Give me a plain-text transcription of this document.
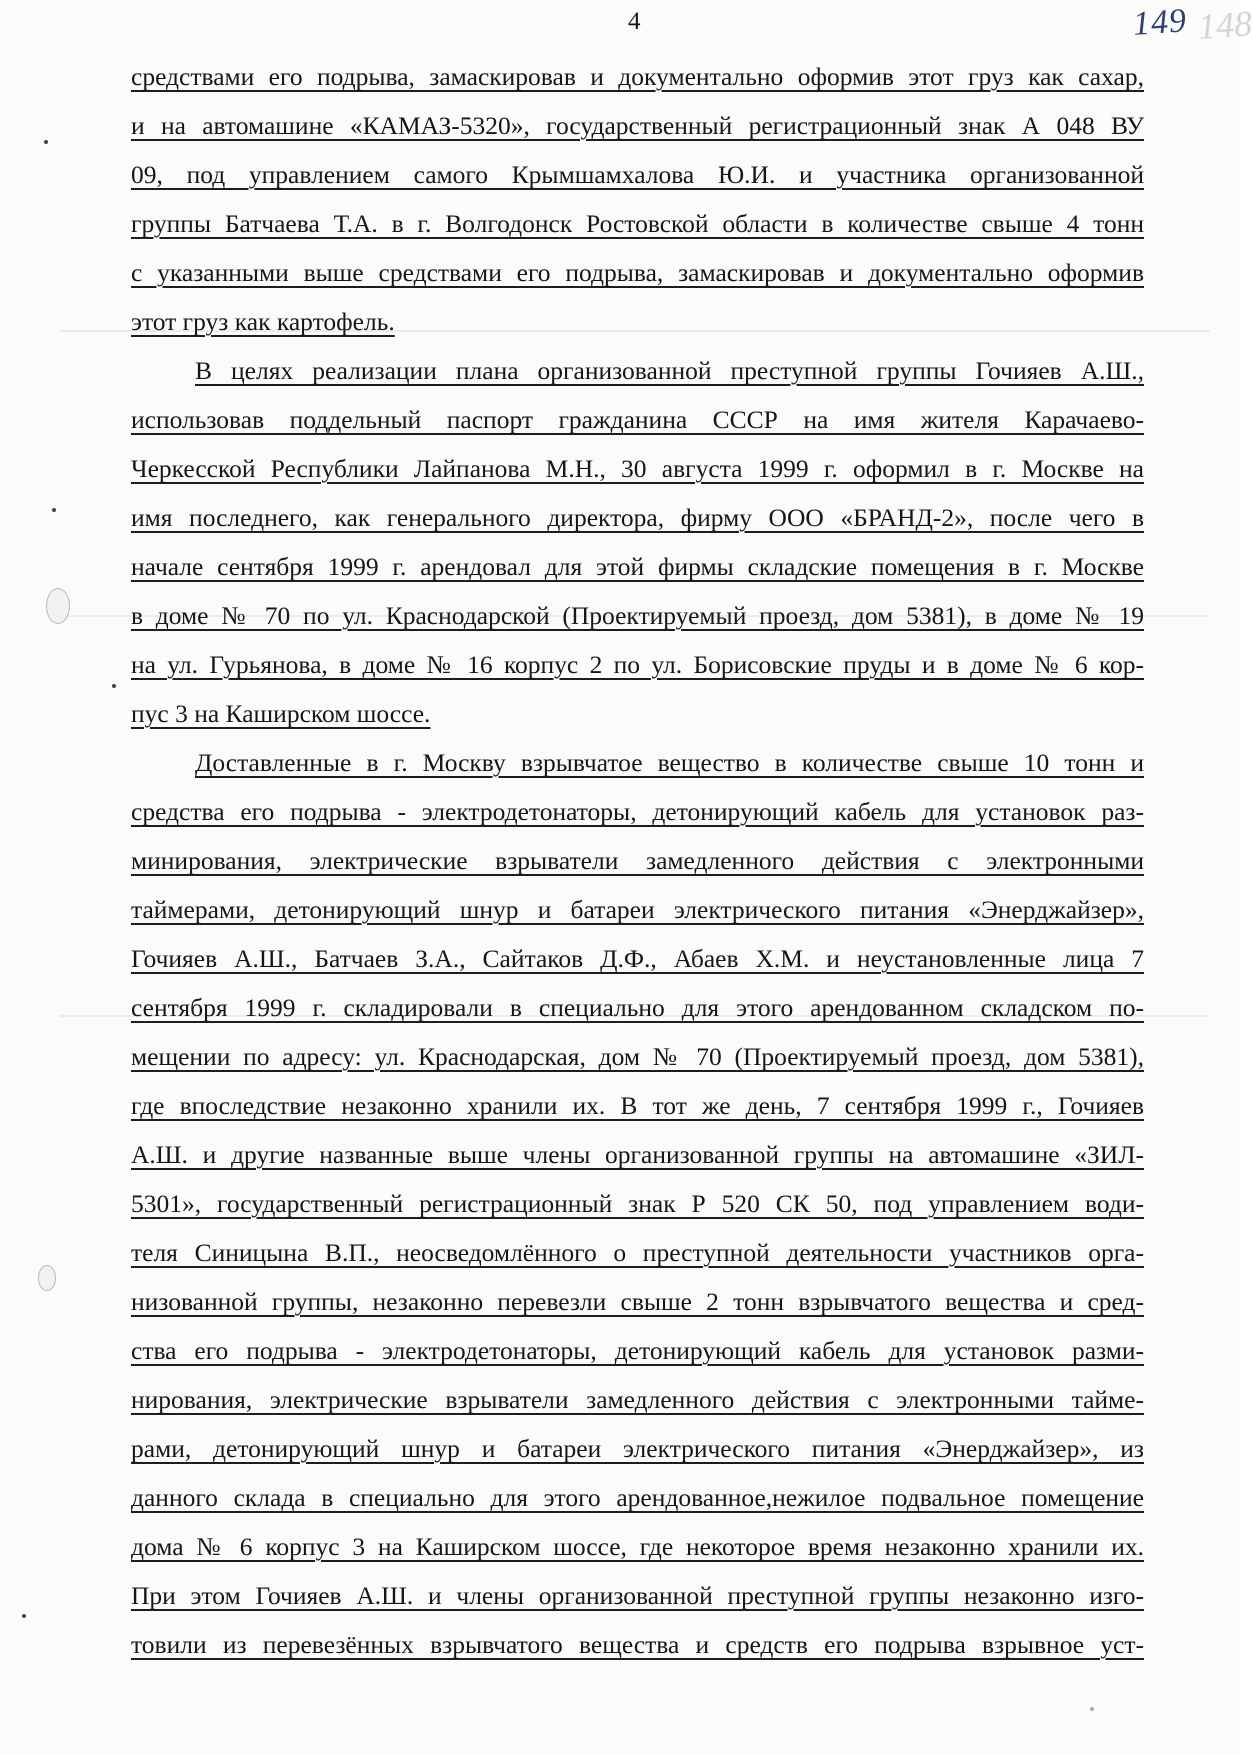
4	149 148
средствами его подрыва, замаскировав и документально оформив этот груз как сахар,
и на автомашине «КАМАЗ-5320», государственный регистрационный знак А 048 ВУ
09, под управлением самого Крымшамхалова Ю.И. и участника организованной
группы Батчаева Т.А. в г. Волгодонск Ростовской области в количестве свыше 4 тонн
с указанными выше средствами его подрыва, замаскировав и документально оформив
этот груз как картофель.
В целях реализации плана организованной преступной группы Гочияев А.Ш.,
использовав поддельный паспорт гражданина СССР на имя жителя Карачаево-
Черкесской Республики Лайпанова М.Н., 30 августа 1999 г. оформил в г. Москве на
имя последнего, как генерального директора, фирму ООО «БРАНД-2», после чего в
начале сентября 1999 г. арендовал для этой фирмы складские помещения в г. Москве
в доме № 70 по ул. Краснодарской (Проектируемый проезд, дом 5381), в доме № 19
на ул. Гурьянова, в доме № 16 корпус 2 по ул. Борисовские пруды и в доме № 6 кор-
пус 3 на Каширском шоссе.
Доставленные в г. Москву взрывчатое вещество в количестве свыше 10 тонн и
средства его подрыва - электродетонаторы, детонирующий кабель для установок раз-
минирования, электрические взрыватели замедленного действия с электронными
таймерами, детонирующий шнур и батареи электрического питания «Энерджайзер»,
Гочияев А.Ш., Батчаев З.А., Сайтаков Д.Ф., Абаев Х.М. и неустановленные лица 7
сентября 1999 г. складировали в специально для этого арендованном складском по-
мещении по адресу: ул. Краснодарская, дом № 70 (Проектируемый проезд, дом 5381),
где впоследствие незаконно хранили их. В тот же день, 7 сентября 1999 г., Гочияев
А.Ш. и другие названные выше члены организованной группы на автомашине «ЗИЛ-
5301», государственный регистрационный знак Р 520 СК 50, под управлением води-
теля Синицына В.П., неосведомлённого о преступной деятельности участников орга-
низованной группы, незаконно перевезли свыше 2 тонн взрывчатого вещества и сред-
ства его подрыва - электродетонаторы, детонирующий кабель для установок разми-
нирования, электрические взрыватели замедленного действия с электронными тайме-
рами, детонирующий шнур и батареи электрического питания «Энерджайзер», из
данного склада в специально для этого арендованное,нежилое подвальное помещение
дома № 6 корпус 3 на Каширском шоссе, где некоторое время незаконно хранили их.
При этом Гочияев А.Ш. и члены организованной преступной группы незаконно изго-
товили из перевезённых взрывчатого вещества и средств его подрыва взрывное уст-
